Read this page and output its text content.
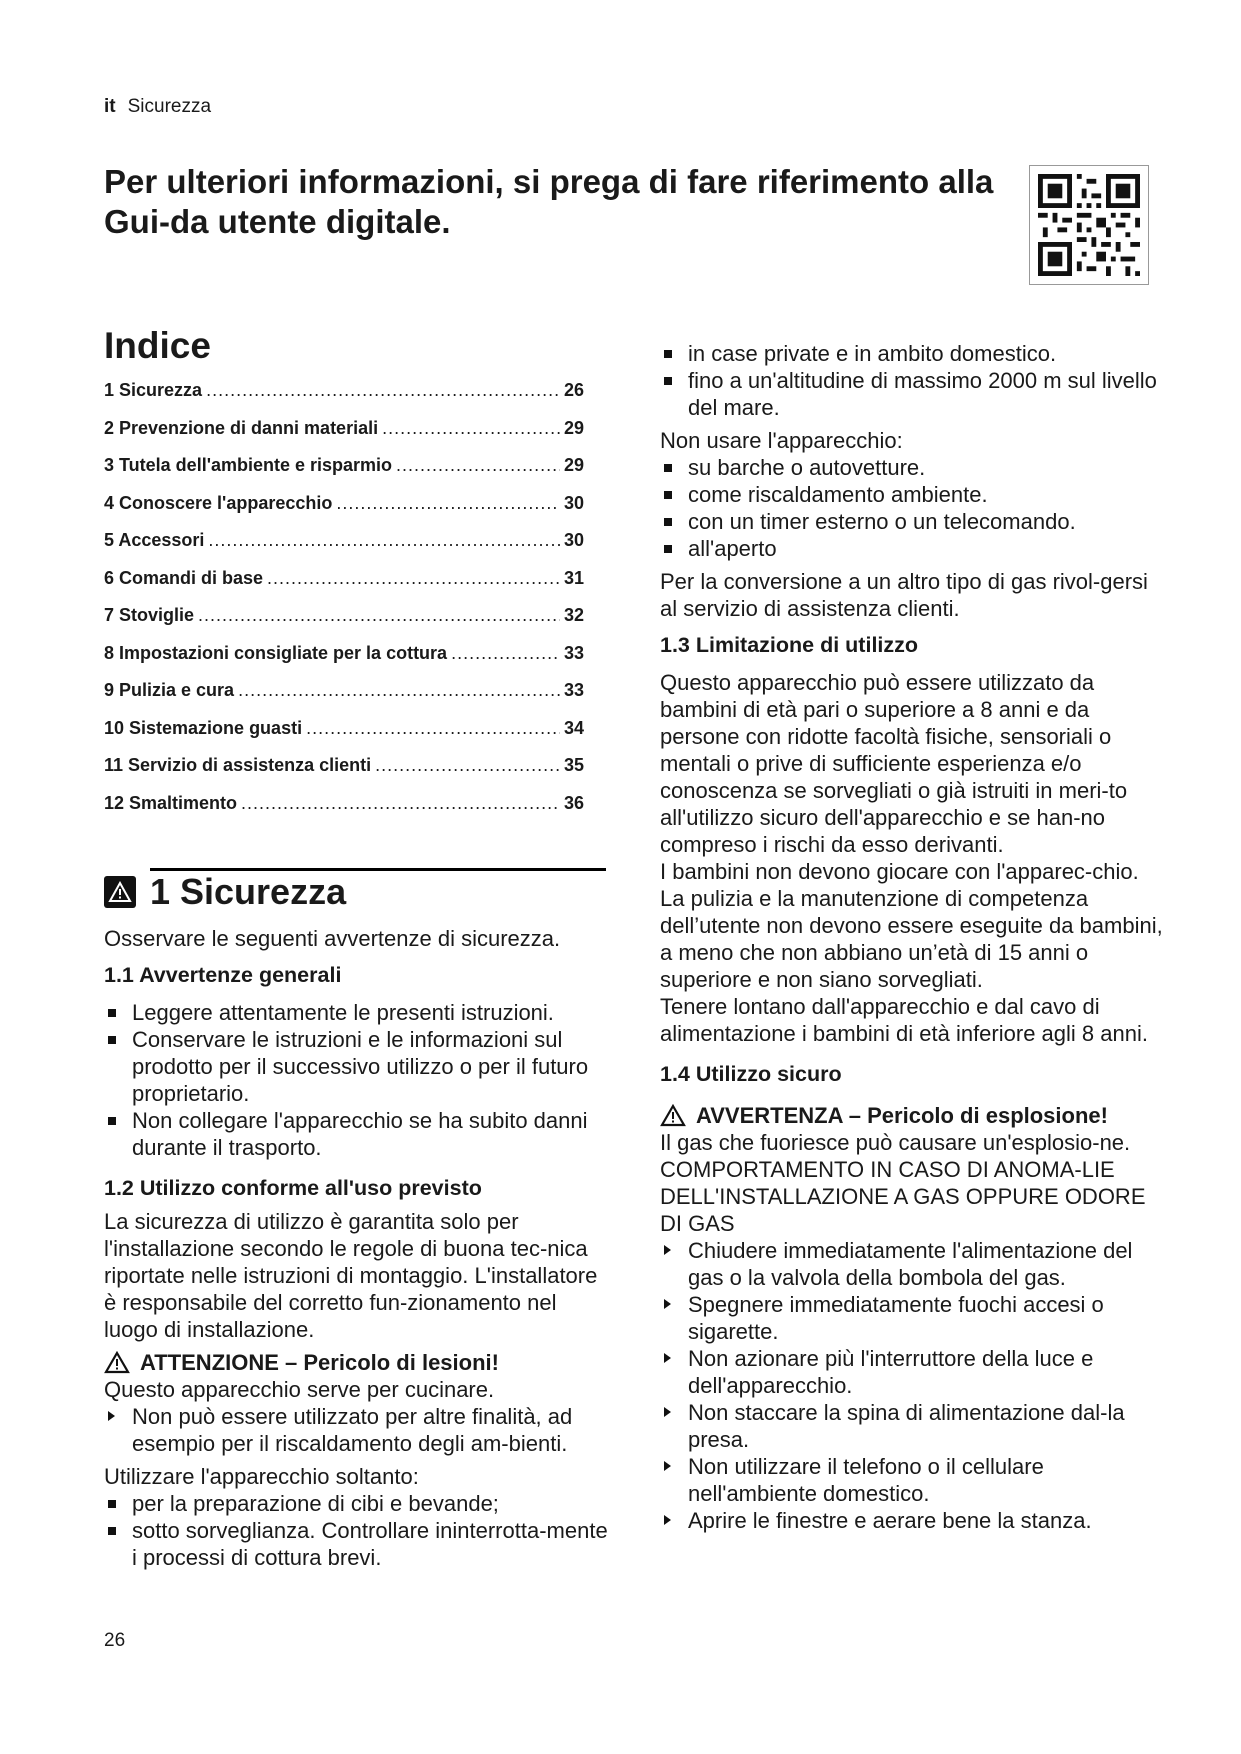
it Sicurezza
Per ulteriori informazioni, si prega di fare riferimento alla Gui-da utente digitale.
Indice
1 Sicurezza .....	26
2 Prevenzione di danni materiali .....	29
3 Tutela dell'ambiente e risparmio .....	29
4 Conoscere l'apparecchio .....	30
5 Accessori .....	30
6 Comandi di base .....	31
7 Stoviglie .....	32
8 Impostazioni consigliate per la cottura .....	33
9 Pulizia e cura .....	33
10 Sistemazione guasti .....	34
11 Servizio di assistenza clienti .....	35
12 Smaltimento .....	36
1 Sicurezza

Osservare le seguenti avvertenze di sicurezza.

1.1 Avvertenze generali
Leggere attentamente le presenti istruzioni.
Conservare le istruzioni e le informazioni sul prodotto per il successivo utilizzo o per il futuro proprietario.
Non collegare l'apparecchio se ha subito danni durante il trasporto.
1.2 Utilizzo conforme all'uso previsto

La sicurezza di utilizzo è garantita solo per l'installazione secondo le regole di buona tec-nica riportate nelle istruzioni di montaggio. L'installatore è responsabile del corretto fun-zionamento nel luogo di installazione.

ATTENZIONE – Pericolo di lesioni!

Questo apparecchio serve per cucinare.

Non può essere utilizzato per altre finalità, ad esempio per il riscaldamento degli am-bienti.

Utilizzare l'apparecchio soltanto:

per la preparazione di cibi e bevande;
sotto sorveglianza. Controllare ininterrotta-mente i processi di cottura brevi.
26
in case private e in ambito domestico.
fino a un'altitudine di massimo 2000 m sul livello del mare.

Non usare l'apparecchio:

su barche o autovetture.
come riscaldamento ambiente.
con un timer esterno o un telecomando.
all'aperto

Per la conversione a un altro tipo di gas rivol-gersi al servizio di assistenza clienti.

1.3 Limitazione di utilizzo

Questo apparecchio può essere utilizzato da bambini di età pari o superiore a 8 anni e da persone con ridotte facoltà fisiche, sensoriali o mentali o prive di sufficiente esperienza e/o conoscenza se sorvegliati o già istruiti in meri-to all'utilizzo sicuro dell'apparecchio e se han-no compreso i rischi da esso derivanti.

I bambini non devono giocare con l'apparec-chio.

La pulizia e la manutenzione di competenza dell’utente non devono essere eseguite da bambini, a meno che non abbiano un’età di 15 anni o superiore e non siano sorvegliati.

Tenere lontano dall'apparecchio e dal cavo di alimentazione i bambini di età inferiore agli 8 anni.

1.4 Utilizzo sicuro
AVVERTENZA – Pericolo di esplosione!

Il gas che fuoriesce può causare un'esplosio-ne. COMPORTAMENTO IN CASO DI ANOMA-LIE DELL'INSTALLAZIONE A GAS OPPURE ODORE DI GAS

Chiudere immediatamente l'alimentazione del gas o la valvola della bombola del gas.
Spegnere immediatamente fuochi accesi o sigarette.
Non azionare più l'interruttore della luce e dell'apparecchio.
Non staccare la spina di alimentazione dal-la presa.
Non utilizzare il telefono o il cellulare nell'ambiente domestico.
Aprire le finestre e aerare bene la stanza.
